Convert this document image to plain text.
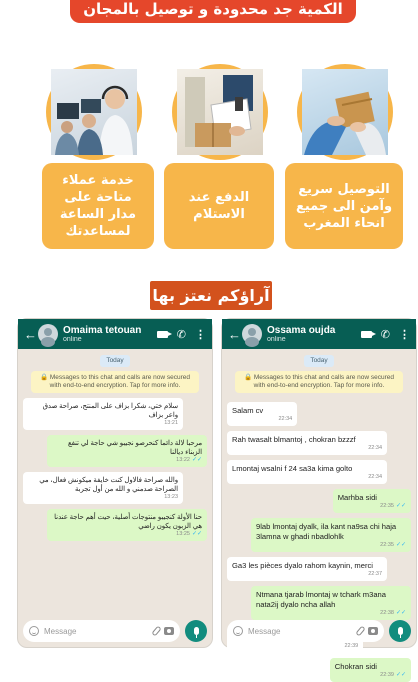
الكمية جد محدودة و توصيل بالمجان
خدمة عملاء متاحة على مدار الساعة لمساعدتك
الدفع عند الاستلام
التوصيل سريع وآمن الى جميع انحاء المغرب
آراؤكم نعتز بها
←	Omaima tetouan
online	✆ ⋮
Today
🔒 Messages to this chat and calls are now secured with end-to-end encryption. Tap for more info.
سلام ختي، شكرا بزاف على المنتج، صراحة صدق واعر بزاف
13:21
مرحبا لالة دائما كنحرصو نجيبو شي حاجة لي تنفع الزبناء ديالنا
13:22 ✓✓
والله صراحة فالاول كنت خايفة ميكونش فعال، مي الصراحة صدمني و الله من أول تجربة
13:23
حنا الأولة كنجيبو منتوجات أصلية، حيت أهم حاجة عندنا هي الزبون يكون راضي
13:25 ✓✓
Message
←	Ossama oujda
online	✆ ⋮
Today
🔒 Messages to this chat and calls are now secured with end-to-end encryption. Tap for more info.
Salam cv
22:34
Rah twasalt blmantoj , chokran bzzzf
22:34
Lmontaj wsalni f 24 sa3a kima golto
22:34
Marhba sidi
22:35 ✓✓
9lab lmontaj dyalk, ila kant na9sa chi haja 3lamna w ghadi nbadlohlk
22:35 ✓✓
Ga3 les pièces dyalo rahom kaynin, merci
22:37
Ntmana tjarab lmontaj w tchark m3ana nata2ij dyalo ncha allah
22:38 ✓✓
22:39
Chokran sidi
22:39 ✓✓
Message
